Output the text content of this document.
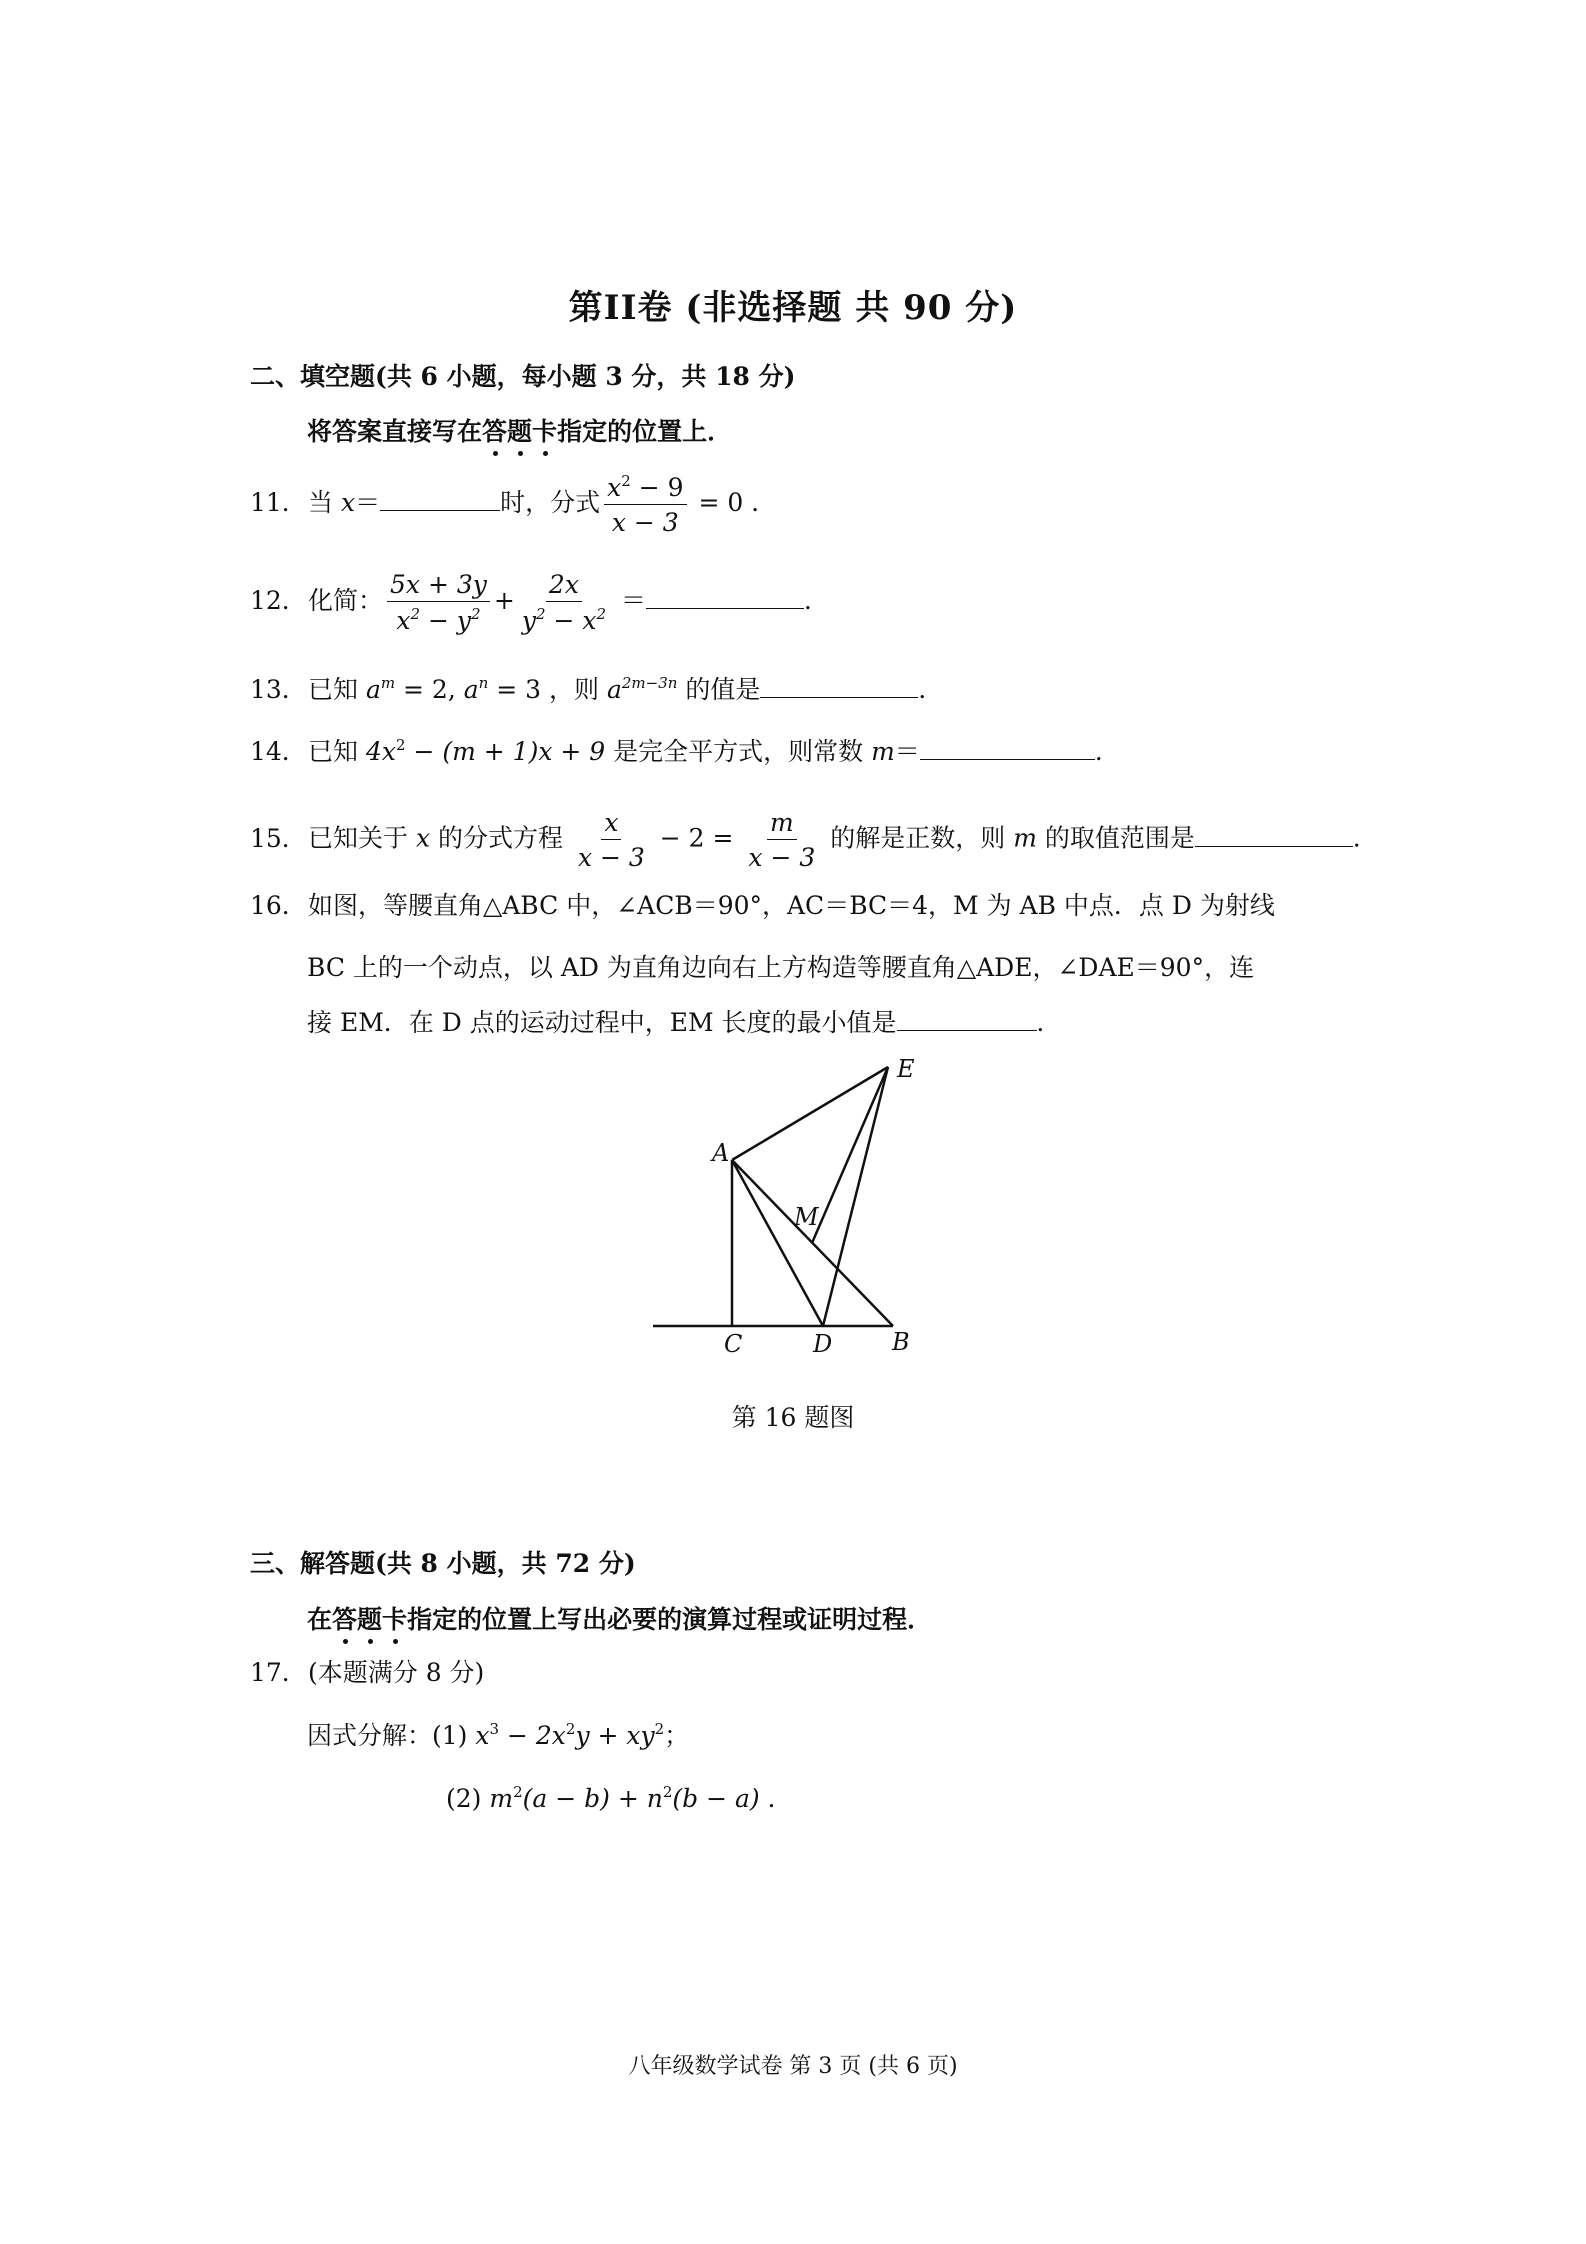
第II卷 (非选择题 共 90 分)
二、填空题(共 6 小题，每小题 3 分，共 18 分)
将答案直接写在答题卡指定的位置上．
11．当 x＝	时，分式 $\frac{x^2 - 9}{x - 3} = 0$ ．
12．化简： $\frac{5x + 3y}{x^2 - y^2} + \frac{2x}{y^2 - x^2}$ ＝	．
13．已知 $a^m = 2$, $a^n = 3$ ，则 $a^{2m-3n}$ 的值是	．
14．已知 $4x^2 - (m + 1)x + 9$ 是完全平方式，则常数 m＝	．
15．已知关于 x 的分式方程 $\frac{x}{x - 3} - 2 = \frac{m}{x - 3}$ 的解是正数，则 m 的取值范围是	．
16．如图，等腰直角△ABC 中，∠ACB＝90°，AC＝BC＝4，M 为 AB 中点．点 D 为射线
BC 上的一个动点，以 AD 为直角边向右上方构造等腰直角△ADE，∠DAE＝90°，连
接 EM．在 D 点的运动过程中，EM 长度的最小值是	．
E
A
M
C	D B
第 16 题图
三、解答题(共 8 小题，共 72 分)
在答题卡指定的位置上写出必要的演算过程或证明过程．
17．(本题满分 8 分)
因式分解：(1) $x^3 - 2x^2y + xy^2$；
(2) $m^2(a - b) + n^2(b - a)$ ．
八年级数学试卷 第 3 页 (共 6 页)
